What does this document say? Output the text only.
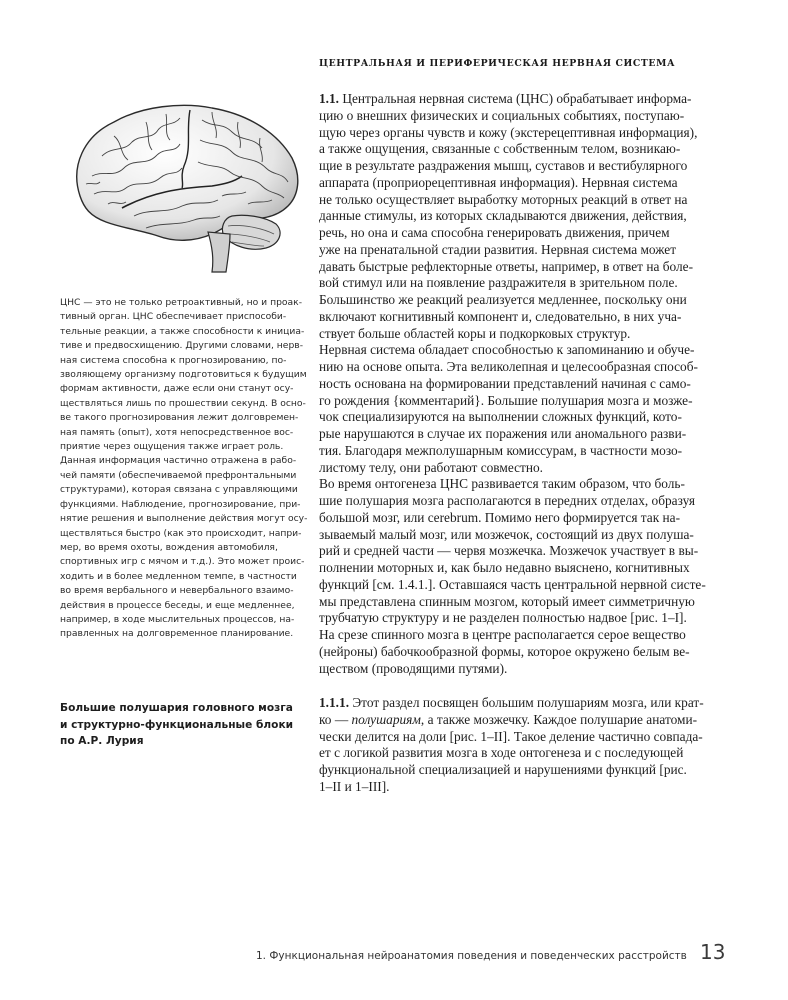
ЦЕНТРАЛЬНАЯ И ПЕРИФЕРИЧЕСКАЯ НЕРВНАЯ СИСТЕМА
1.1. Центральная нервная система (ЦНС) обрабатывает информа-
цию о внешних физических и социальных событиях, поступаю-
щую через органы чувств и кожу (экстерецептивная информация),
а также ощущения, связанные с собственным телом, возникаю-
щие в результате раздражения мышц, суставов и вестибулярного
аппарата (проприорецептивная информация). Нервная система
не только осуществляет выработку моторных реакций в ответ на
данные стимулы, из которых складываются движения, действия,
речь, но она и сама способна генерировать движения, причем
уже на пренатальной стадии развития. Нервная система может
давать быстрые рефлекторные ответы, например, в ответ на боле-
вой стимул или на появление раздражителя в зрительном поле.
Большинство же реакций реализуется медленнее, поскольку они
включают когнитивный компонент и, следовательно, в них уча-
ствует больше областей коры и подкорковых структур.
Нервная система обладает способностью к запоминанию и обуче-
нию на основе опыта. Эта великолепная и целесообразная способ-
ность основана на формировании представлений начиная с само-
го рождения {комментарий}. Большие полушария мозга и мозже-
чок специализируются на выполнении сложных функций, кото-
рые нарушаются в случае их поражения или аномального разви-
тия. Благодаря межполушарным комиссурам, в частности мозо-
листому телу, они работают совместно.
Во время онтогенеза ЦНС развивается таким образом, что боль-
шие полушария мозга располагаются в передних отделах, образуя
большой мозг, или cerebrum. Помимо него формируется так на-
зываемый малый мозг, или мозжечок, состоящий из двух полуша-
рий и средней части — червя мозжечка. Мозжечок участвует в вы-
полнении моторных и, как было недавно выяснено, когнитивных
функций [см. 1.4.1.]. Оставшаяся часть центральной нервной систе-
мы представлена спинным мозгом, который имеет симметричную
трубчатую структуру и не разделен полностью надвое [рис. 1–I].
На срезе спинного мозга в центре располагается серое вещество
(нейроны) бабочкообразной формы, которое окружено белым ве-
ществом (проводящими путями).
1.1.1. Этот раздел посвящен большим полушариям мозга, или крат-
ко — полушариям, а также мозжечку. Каждое полушарие анатоми-
чески делится на доли [рис. 1–II]. Такое деление частично совпада-
ет с логикой развития мозга в ходе онтогенеза и с последующей
функциональной специализацией и нарушениями функций [рис.
1–II и 1–III].
ЦНС — это не только ретроактивный, но и проак-
тивный орган. ЦНС обеспечивает приспособи-
тельные реакции, а также способности к инициа-
тиве и предвосхищению. Другими словами, нерв-
ная система способна к прогнозированию, по-
зволяющему организму подготовиться к будущим
формам активности, даже если они станут осу-
ществляться лишь по прошествии секунд. В осно-
ве такого прогнозирования лежит долговремен-
ная память (опыт), хотя непосредственное вос-
приятие через ощущения также играет роль.
Данная информация частично отражена в рабо-
чей памяти (обеспечиваемой префронтальными
структурами), которая связана с управляющими
функциями. Наблюдение, прогнозирование, при-
нятие решения и выполнение действия могут осу-
ществляться быстро (как это происходит, напри-
мер, во время охоты, вождения автомобиля,
спортивных игр с мячом и т.д.). Это может проис-
ходить и в более медленном темпе, в частности
во время вербального и невербального взаимо-
действия в процессе беседы, и еще медленнее,
например, в ходе мыслительных процессов, на-
правленных на долговременное планирование.
Большие полушария головного мозга
и структурно-функциональные блоки
по А.Р. Лурия
1. Функциональная нейроанатомия поведения и поведенческих расстройств 13
